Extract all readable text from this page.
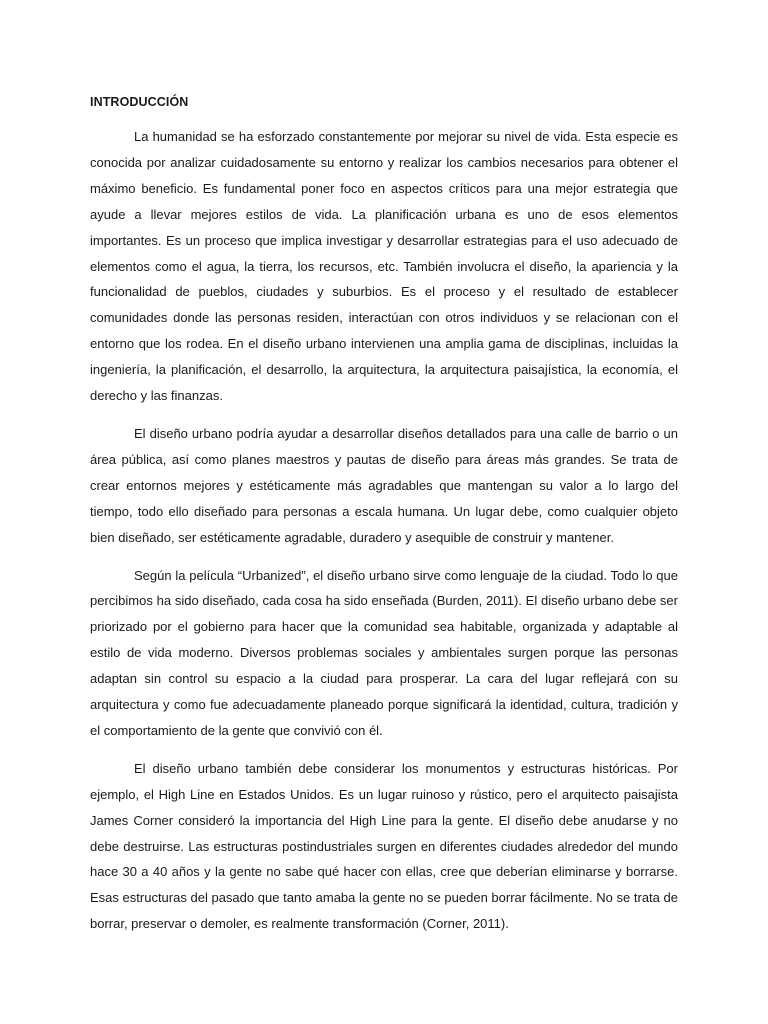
INTRODUCCIÓN

La humanidad se ha esforzado constantemente por mejorar su nivel de vida. Esta especie es conocida por analizar cuidadosamente su entorno y realizar los cambios necesarios para obtener el máximo beneficio. Es fundamental poner foco en aspectos críticos para una mejor estrategia que ayude a llevar mejores estilos de vida. La planificación urbana es uno de esos elementos importantes. Es un proceso que implica investigar y desarrollar estrategias para el uso adecuado de elementos como el agua, la tierra, los recursos, etc. También involucra el diseño, la apariencia y la funcionalidad de pueblos, ciudades y suburbios. Es el proceso y el resultado de establecer comunidades donde las personas residen, interactúan con otros individuos y se relacionan con el entorno que los rodea. En el diseño urbano intervienen una amplia gama de disciplinas, incluidas la ingeniería, la planificación, el desarrollo, la arquitectura, la arquitectura paisajística, la economía, el derecho y las finanzas.

El diseño urbano podría ayudar a desarrollar diseños detallados para una calle de barrio o un área pública, así como planes maestros y pautas de diseño para áreas más grandes. Se trata de crear entornos mejores y estéticamente más agradables que mantengan su valor a lo largo del tiempo, todo ello diseñado para personas a escala humana. Un lugar debe, como cualquier objeto bien diseñado, ser estéticamente agradable, duradero y asequible de construir y mantener.

Según la película “Urbanized”, el diseño urbano sirve como lenguaje de la ciudad. Todo lo que percibimos ha sido diseñado, cada cosa ha sido enseñada (Burden, 2011). El diseño urbano debe ser priorizado por el gobierno para hacer que la comunidad sea habitable, organizada y adaptable al estilo de vida moderno. Diversos problemas sociales y ambientales surgen porque las personas adaptan sin control su espacio a la ciudad para prosperar. La cara del lugar reflejará con su arquitectura y como fue adecuadamente planeado porque significará la identidad, cultura, tradición y el comportamiento de la gente que convivió con él.

El diseño urbano también debe considerar los monumentos y estructuras históricas. Por ejemplo, el High Line en Estados Unidos. Es un lugar ruinoso y rústico, pero el arquitecto paisajista James Corner consideró la importancia del High Line para la gente. El diseño debe anudarse y no debe destruirse. Las estructuras postindustriales surgen en diferentes ciudades alrededor del mundo hace 30 a 40 años y la gente no sabe qué hacer con ellas, cree que deberían eliminarse y borrarse. Esas estructuras del pasado que tanto amaba la gente no se pueden borrar fácilmente. No se trata de borrar, preservar o demoler, es realmente transformación (Corner, 2011).
